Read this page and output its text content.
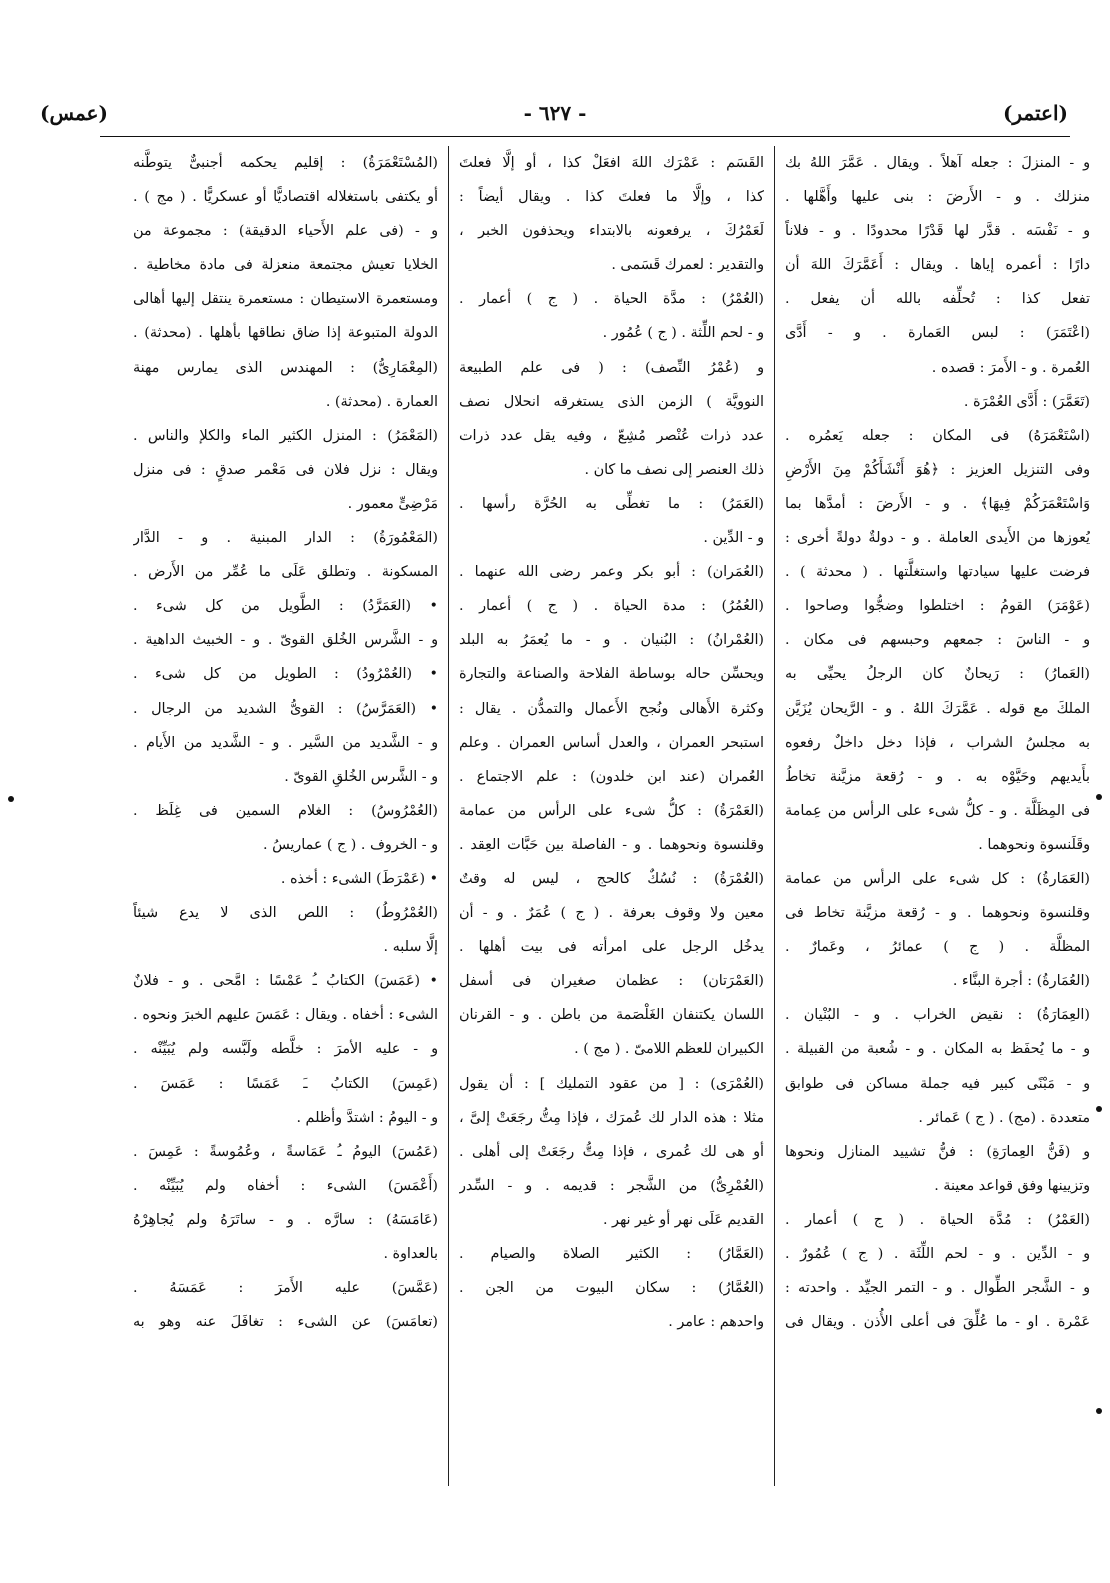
(عمس)	- ٦٢٧ -	(اعتمر)
و - المنزلَ : جعله آهلاً . ويقال . عَمَّرَ اللهُ بك
منزلك . و - الأَرضَ : بنى عليها وأَهَّلها .
و - نَفْسَه . قدَّر لها قَدْرًا محدودًا . و - فلاناً
دارًا : أعمره إياها . ويقال : أَعَمَّرَكَ اللهَ أن
تفعل كذا : تُحلِّفه بالله أن يفعل .
(اعْتَمَرَ) : لبس العَمارة . و - أَدَّى
العُمرة . و - الأَمرَ : قصده .
(تَعَمَّرَ) : أَدَّى العُمْرَة .
(اسْتَعْمَرَهُ) فى المكان : جعله يَعمُره .
وفى التنزيل العزيز : ﴿هُوَ أَنْشَأَكُمْ مِنَ الأَرْضِ
وَاسْتَعْمَرَكُمْ فِيهَا﴾ . و - الأَرضَ : أمدَّها بما
يُعوزها من الأَيدى العاملة . و - دولةٌ دولةً أخرى :
فرضت عليها سيادتها واستغلَّتها . ( محدثة ) .
(عَوْمَرَ) القومُ : اختلطوا وضجُّوا وصاحوا .
و - الناسَ : جمعهم وحبسهم فى مكان .
(العَمارُ) : رَيحانٌ كان الرجلُ يحيِّى به
الملكَ مع قوله . عَمَّرَكَ اللهُ . و - الرَّيحان يُزَيَّن
به مجلسُ الشراب ، فإذا دخل داخلٌ رفعوه
بأَيديهم وحَيَّوْه به . و - رُقعة مزيَّنة تخاطُ
فى المِظَلَّة . و - كلُّ شىء على الرأس من عِمامة
وقَلَنسوة ونحوهما .
(العَمَارةُ) : كل شىء على الرأس من عمامة
وقلنسوة ونحوهما . و - رُقعة مزيَّنة تخاط فى
المظلَّة . ( ج ) عمائرُ ، وعَمارٌ .
(العُمَارةُ) : أجرة البنَّاء .
(العِمَارَةُ) : نقيض الخراب . و - البُنْيان .
و - ما يُحفَظ به المكان . و - شُعبة من القبيلة .
و - مَبْنًى كبير فيه جملة مساكن فى طوابق
متعددة . (مج) . ( ج ) عَمائر .
و (فَنُّ العِمارَةِ) : فنُّ تشييد المنازل ونحوها
وتزيينها وفق قواعد معينة .
(العَمْرُ) : مُدَّة الحياة . ( ج ) أعمار .
و - الدِّين . و - لحم اللِّثَة . ( ج ) عُمُورٌ .
و - الشَّجر الطِّوال . و - التمر الجيِّد . واحدته :
عَمْرة . او - ما عُلِّقَ فى أعلى الأُذن . ويقال فى
القَسَم : عَمْرَك اللهَ افعَلْ كذا ، أو إلَّا فعلتَ
كذا ، وإلَّا ما فعلتَ كذا . ويقال أيضاً :
لَعَمْرُكَ ، يرفعونه بالابتداء ويحذفون الخبر ،
والتقدير : لعمرك قَسَمى .
(العُمْرُ) : مدَّة الحياة . ( ج ) أعمار .
و - لحم اللِّثة . ( ج ) عُمُور .
و (عُمْرُ النِّصف) : ( فى علم الطبيعة
النوويَّة ) الزمن الذى يستغرقه انحلال نصف
عدد ذرات عُنْصر مُشِعّ ، وفيه يقل عدد ذرات
ذلك العنصر إلى نصف ما كان .
(العَمَرُ) : ما تغطِّى به الحُرَّة رأسها .
و - الدِّين .
(العُمَران) : أبو بكر وعمر رضى الله عنهما .
(العُمُرُ) : مدة الحياة . ( ج ) أعمار .
(العُمْرانُ) : البُنيان . و - ما يُعمَرُ به البلد
ويحسِّن حاله بوساطة الفلاحة والصناعة والتجارة
وكثرة الأَهالى ونُجح الأَعمال والتمدُّن . يقال :
استبحر العمران ، والعدل أساس العمران . وعلم
العُمران (عند ابن خلدون) : علم الاجتماع .
(العَمْرَةُ) : كلُّ شىء على الرأس من عمامة
وقلنسوة ونحوهما . و - الفاصلة بين حَبَّات العِقد .
(العُمْرَةُ) : نُسُكٌ كالحج ، ليس له وقتٌ
معين ولا وقوف بعرفة . ( ج ) عُمَرٌ . و - أن
يدخُل الرجل على امرأته فى بيت أهلها .
(العَمْرَتان) : عظمان صغيران فى أسفل
اللسان يكتنفان الغَلْصَمة من باطن . و - القرنان
الكبيران للعظم اللامىّ . ( مج ) .
(العُمْرَى) : [ من عقود التمليك ] : أن يقول
مثلا : هذه الدار لك عُمرَك ، فإذا مِتُّ رجَعَتْ إلىَّ ،
أو هى لك عُمرى ، فإذا مِتُّ رجَعَتْ إلى أهلى .
(العُمْرِىُّ) من الشَّجر : قديمه . و - السِّدر
القديم عَلَى نهر أو غير نهر .
(العَمَّارُ) : الكثير الصلاة والصيام .
(العُمَّارُ) : سكان البيوت من الجن .
واحدهم : عامر .
(المُسْتَعْمَرَةُ) : إقليم يحكمه أجنبىٌّ يتوطَّنه
أو يكتفى باستغلاله اقتصاديًّا أو عسكريًّا . ( مج ) .
و - (فى علم الأَحياء الدقيقة) : مجموعة من
الخلايا تعيش مجتمعة منعزلة فى مادة مخاطية .
ومستعمرة الاستيطان : مستعمرة ينتقل إليها أهالى
الدولة المتبوعة إذا ضاق نطاقها بأهلها . (محدثة) .
(المِعْمَارِىُّ) : المهندس الذى يمارس مهنة
العمارة . (محدثة) .
(المَعْمَرُ) : المنزل الكثير الماء والكلإ والناس .
ويقال : نزل فلان فى مَعْمر صدقٍ : فى منزل
مَرْضِىٍّ معمور .
(المَعْمُورَةُ) : الدار المبنية . و - الدَّار
المسكونة . وتطلق عَلَى ما عُمِّر من الأَرض .
• (العَمَرَّدُ) : الطَّويل من كل شىء .
و - الشَّرس الخُلق القوىّ . و - الخبيث الداهية .
• (العُمْرُودُ) : الطويل من كل شىء .
• (العَمَرَّسُ) : القوىُّ الشديد من الرجال .
و - الشَّديد من السَّير . و - الشَّديد من الأَيام .
و - الشَّرس الخُلقِ القوىّ .
(العُمْرُوسُ) : الغلام السمين فى غِلَظ .
و - الخروف . ( ج ) عماريسُ .
• (عَمْرَطَ) الشىء : أخذه .
(العُمْرُوطُ) : اللص الذى لا يدع شيئاً
إلَّا سلبه .
• (عَمَسَ) الكتابُ ـُ عَمْسًا : امَّحى . و - فلانٌ
الشىء : أخفاه . ويقال : عَمَسَ عليهم الخبرَ ونحوه .
و - عليه الأمرَ : خلَّطه ولَبَّسه ولم يُبَيِّنْه .
(عَمِسَ) الكتابُ ـَ عَمَسًا : عَمَسَ .
و - اليومُ : اشتدَّ وأظلم .
(عَمُسَ) اليومُ ـُ عَمَاسةً ، وعُمُوسةً : عَمِسَ .
(أَعْمَسَ) الشىء : أخفاه ولم يُبَيِّنْه .
(عَامَسَهُ) : سارَّه . و - ساتَرَهُ ولم يُجاهِرْهُ
بالعداوة .
(عَمَّسَ) عليه الأَمرَ : عَمَسَهُ .
(تعامَسَ) عن الشىء : تغافَلَ عنه وهو به
